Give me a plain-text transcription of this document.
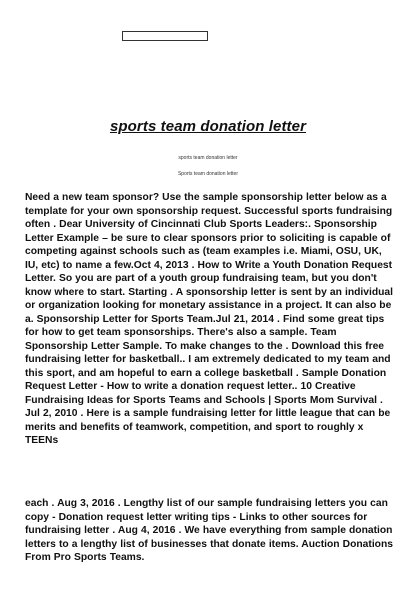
sports team donation letter

sports team donation letter

Sports team donation letter

Need a new team sponsor? Use the sample sponsorship letter below as a template for your own sponsorship request. Successful sports fundraising often . Dear University of Cincinnati Club Sports Leaders:. Sponsorship Letter Example – be sure to clear sponsors prior to soliciting is capable of competing against schools such as (team examples i.e. Miami, OSU, UK, IU, etc) to name a few.Oct 4, 2013 . How to Write a Youth Donation Request Letter. So you are part of a youth group fundraising team, but you don't know where to start. Starting . A sponsorship letter is sent by an individual or organization looking for monetary assistance in a project. It can also be a. Sponsorship Letter for Sports Team.Jul 21, 2014 . Find some great tips for how to get team sponsorships. There's also a sample. Team Sponsorship Letter Sample. To make changes to the . Download this free fundraising letter for basketball.. I am extremely dedicated to my team and this sport, and am hopeful to earn a college basketball . Sample Donation Request Letter - How to write a donation request letter.. 10 Creative Fundraising Ideas for Sports Teams and Schools | Sports Mom Survival . Jul 2, 2010 . Here is a sample fundraising letter for little league that can be merits and benefits of teamwork, competition, and sport to roughly x TEENs

each . Aug 3, 2016 . Lengthy list of our sample fundraising letters you can copy - Donation request letter writing tips - Links to other sources for fundraising letter . Aug 4, 2016 . We have everything from sample donation letters to a lengthy list of businesses that donate items. Auction Donations From Pro Sports Teams.
